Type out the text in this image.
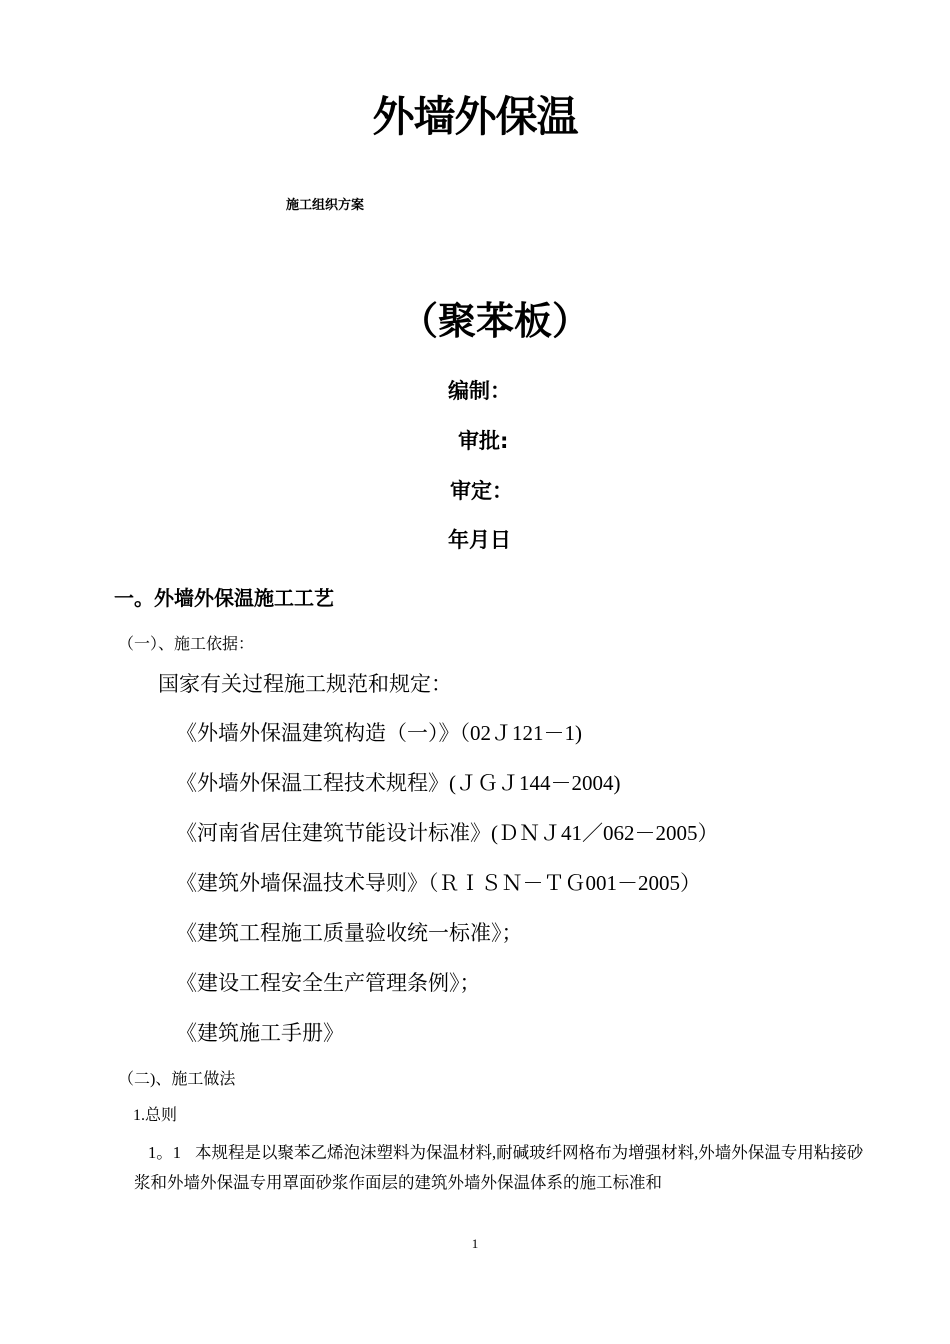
外墙外保温
施工组织方案
（聚苯板）
编制：
审批:
审定：
年月日
一。外墙外保温施工工艺
（一）、施工依据：
国家有关过程施工规范和规定：
《外墙外保温建筑构造（一）》（02Ｊ121－1)
《外墙外保温工程技术规程》(ＪＧＪ144－2004)
《河南省居住建筑节能设计标准》(ＤＮＪ41／062－2005）
《建筑外墙保温技术导则》（ＲＩＳＮ－ＴＧ001－2005）
《建筑工程施工质量验收统一标准》；
《建设工程安全生产管理条例》；
《建筑施工手册》
（二)、施工做法
1.总则
1。1 本规程是以聚苯乙烯泡沫塑料为保温材料,耐碱玻纤网格布为增强材料,外墙外保温专用粘接砂浆和外墙外保温专用罩面砂浆作面层的建筑外墙外保温体系的施工标准和
1
